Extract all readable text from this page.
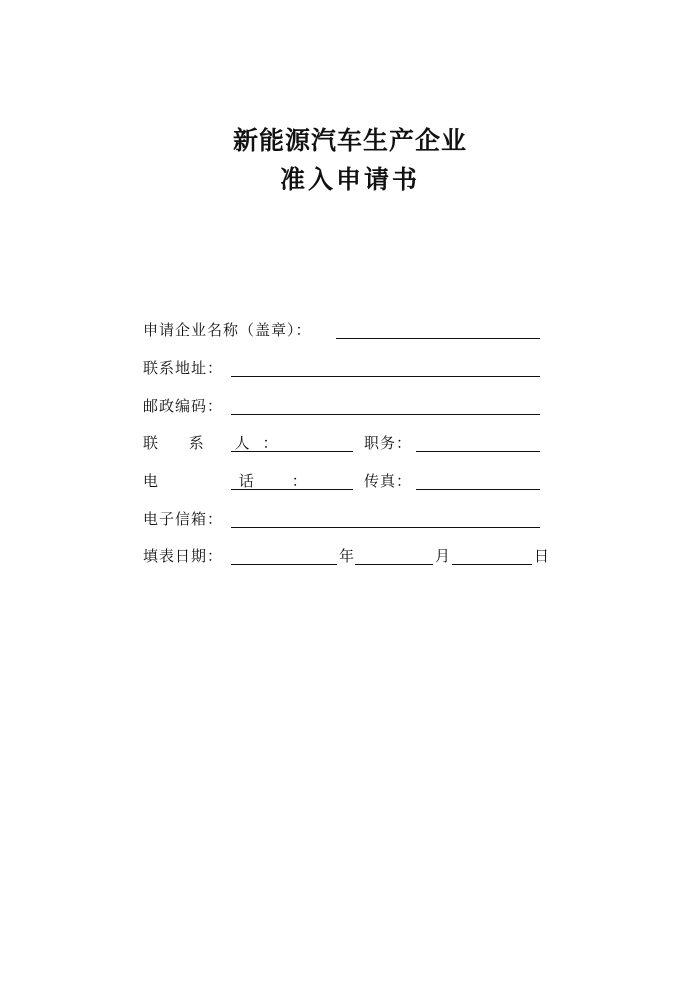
新能源汽车生产企业
准入申请书
申请企业名称（盖章）：
联系地址：
邮政编码：
联 系 人：	职务：
电 话： 传真：
电子信箱：
填表日期：	年	月	日
